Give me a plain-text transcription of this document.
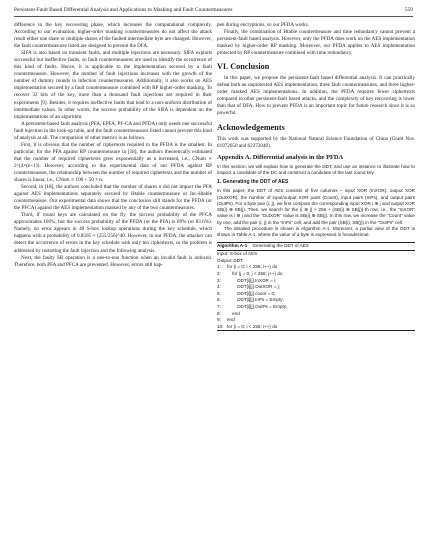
Persistent-Fault Based Differential Analysis and Applications to Masking and Fault Countermeasures	559

difference in the key recovering phase, which increases the computational complexity. According to our evaluation, higher-order masking countermeasures do not affect the attack result either one share or multiple shares of the faulted intermediate byte are changed. However, the fault countermeasures listed are designed to prevent the DFA.

SIFA is also based on transient faults, and multiple injections are necessary. SIFA exploits successful but ineffective faults, so fault countermeasures are used to identify the occurrence of this kind of faults. Hence, it is applicable to the implementation secured by a fault countermeasure. However, the number of fault injections increases with the growth of the number of dummy rounds in infection countermeasures. Additionally, it also works on AES implementation secured by a fault countermeasure combined with RP higher-order masking. To recover 32 bits of the key, more than a thousand fault injections are required in their experiments [9]. Besides, it requires ineffective faults that lead to a non-uniform distribution of intermediate values. In other words, the success probability of the SIFA is dependent on the implementations of an algorithm.

A persistent-based fault analysis (PFA, EPFA, PF-CA and PFDA) only needs one successful fault injection in the look-up table, and the fault countermeasures listed cannot prevent this kind of analysis at all. The comparison of other metrics is as follows.

First, it is obvious that the number of ciphertexts required in the PFDA is the smallest. In particular, for the PFA against RP countermeasure in [18], the authors theoretically estimated that the number of required ciphertexts grew exponentially as n increased, i.e., CNum ∝ 2^(4×(n+1)). However, according to the experimental data of our PFDA against RP countermeasure, the relationship between the number of required ciphertexts and the number of shares is linear, i.e., CNum ∝ 100 + 50 × n.

Second, in [18], the authors concluded that the number of shares n did not impact the PFA against AES implementations separately secured by Htable countermeasure or Inc-Htable countermeasure. Our experimental data shows that the conclusion still stands for the PFDA (or the PFCA) against the AES implementation masked by any of the two countermeasures.

Third, if round keys are calculated on the fly, the success probability of the PFCA approximates 100%, but the success probability of the PFDA (or the PFA) is 89% (or 83.6%). Namely, no error appears in 40 S-box lookup operations during the key schedule, which happens with a probability of 0.8505 ≈ (255/256)^40. However, in our PFDA, the attacker can detect the occurrence of errors in the key schedule with only ten ciphertexts, so the problem is addressed by restarting the fault injection and the following analysis.

Next, the faulty SB operation is a one-to-one function when an invalid fault is induced. Therefore, both PFA and PFCA are prevented. However, errors still hap-

pen during encryptions, so our PFDA works.

Finally, the combination of Htable countermeasure and time redundancy cannot prevent a persistent-fault based analysis. However, only the PFDA does work on the AES implementation masked by higher-order RP masking. Moreover, our PFDA applies to AES implementation protected by RP countermeasure combined with time redundancy.

VI. Conclusion

In this paper, we propose the persistent-fault based differential analysis. It can practically defeat both an unprotected AES implementation, three fault countermeasures, and three higher-order masked AES implementations. In addition, the PFDA requires fewer ciphertexts compared to other persistent-fault based attacks, and the complexity of key recovering is lower than that of DFA. How to prevent PFDA is an important topic for future research since it is so powerful.

Acknowledgements

This work was supported by the National Natural Science Foundation of China (Grant Nos. 61972050 and 62272040).

Appendix A. Differential analysis in the PFDA

In this section, we will explain how to generate the DDT, and use an instance to illustrate how to inspect a candidate of the DC and construct a candidate of the last round key.

1. Generating the DDT of AES

In this paper, the DDT of AES consists of five columns – input XOR (InXOR), output XOR (OutXOR), the number of input/output XOR pairs (Count), input pairs (InPs), and output pairs (OutPs). For a byte pair (i, j), we first compute the corresponding input XOR i ⊕ j and output XOR SB(i) ⊕ SB(j). Then, we search for the (i ⊕ j) × 256 + (SB(i) ⊕ SB(j))-th row, i.e., the "InXOR" value is i ⊕ j and the "OutXOR" value is SB(i) ⊕ SB(j). In this row, we increase the "Count" value by one, add the pair (i, j) in the "InPs" cell, and add the pair (SB(i), SB(j)) in the "OutPs" cell.

The detailed procedure is shown in Algorithm A-1. Moreover, a partial view of the DDT is shown in Table A-1, where the value of a byte is expressed in hexadecimal.

Algorithm A-1 Generating the DDT of AES
Input: S-box of AES.
Output: DDT.
1: for (i = 0; i < 256; i++) do
2:    for (j = 0; j < 256; j++) do
3:        DDT[i][j].InXOR = i;
4:        DDT[i][j].OutXOR = j;
5:        DDT[i][j].count = 0;
6:        DDT[i][j].InPs = Empty;
7:        DDT[i][j].OutPs = Empty;
8:    end
9: end
10: for (i = 0; i < 256; i++) do
